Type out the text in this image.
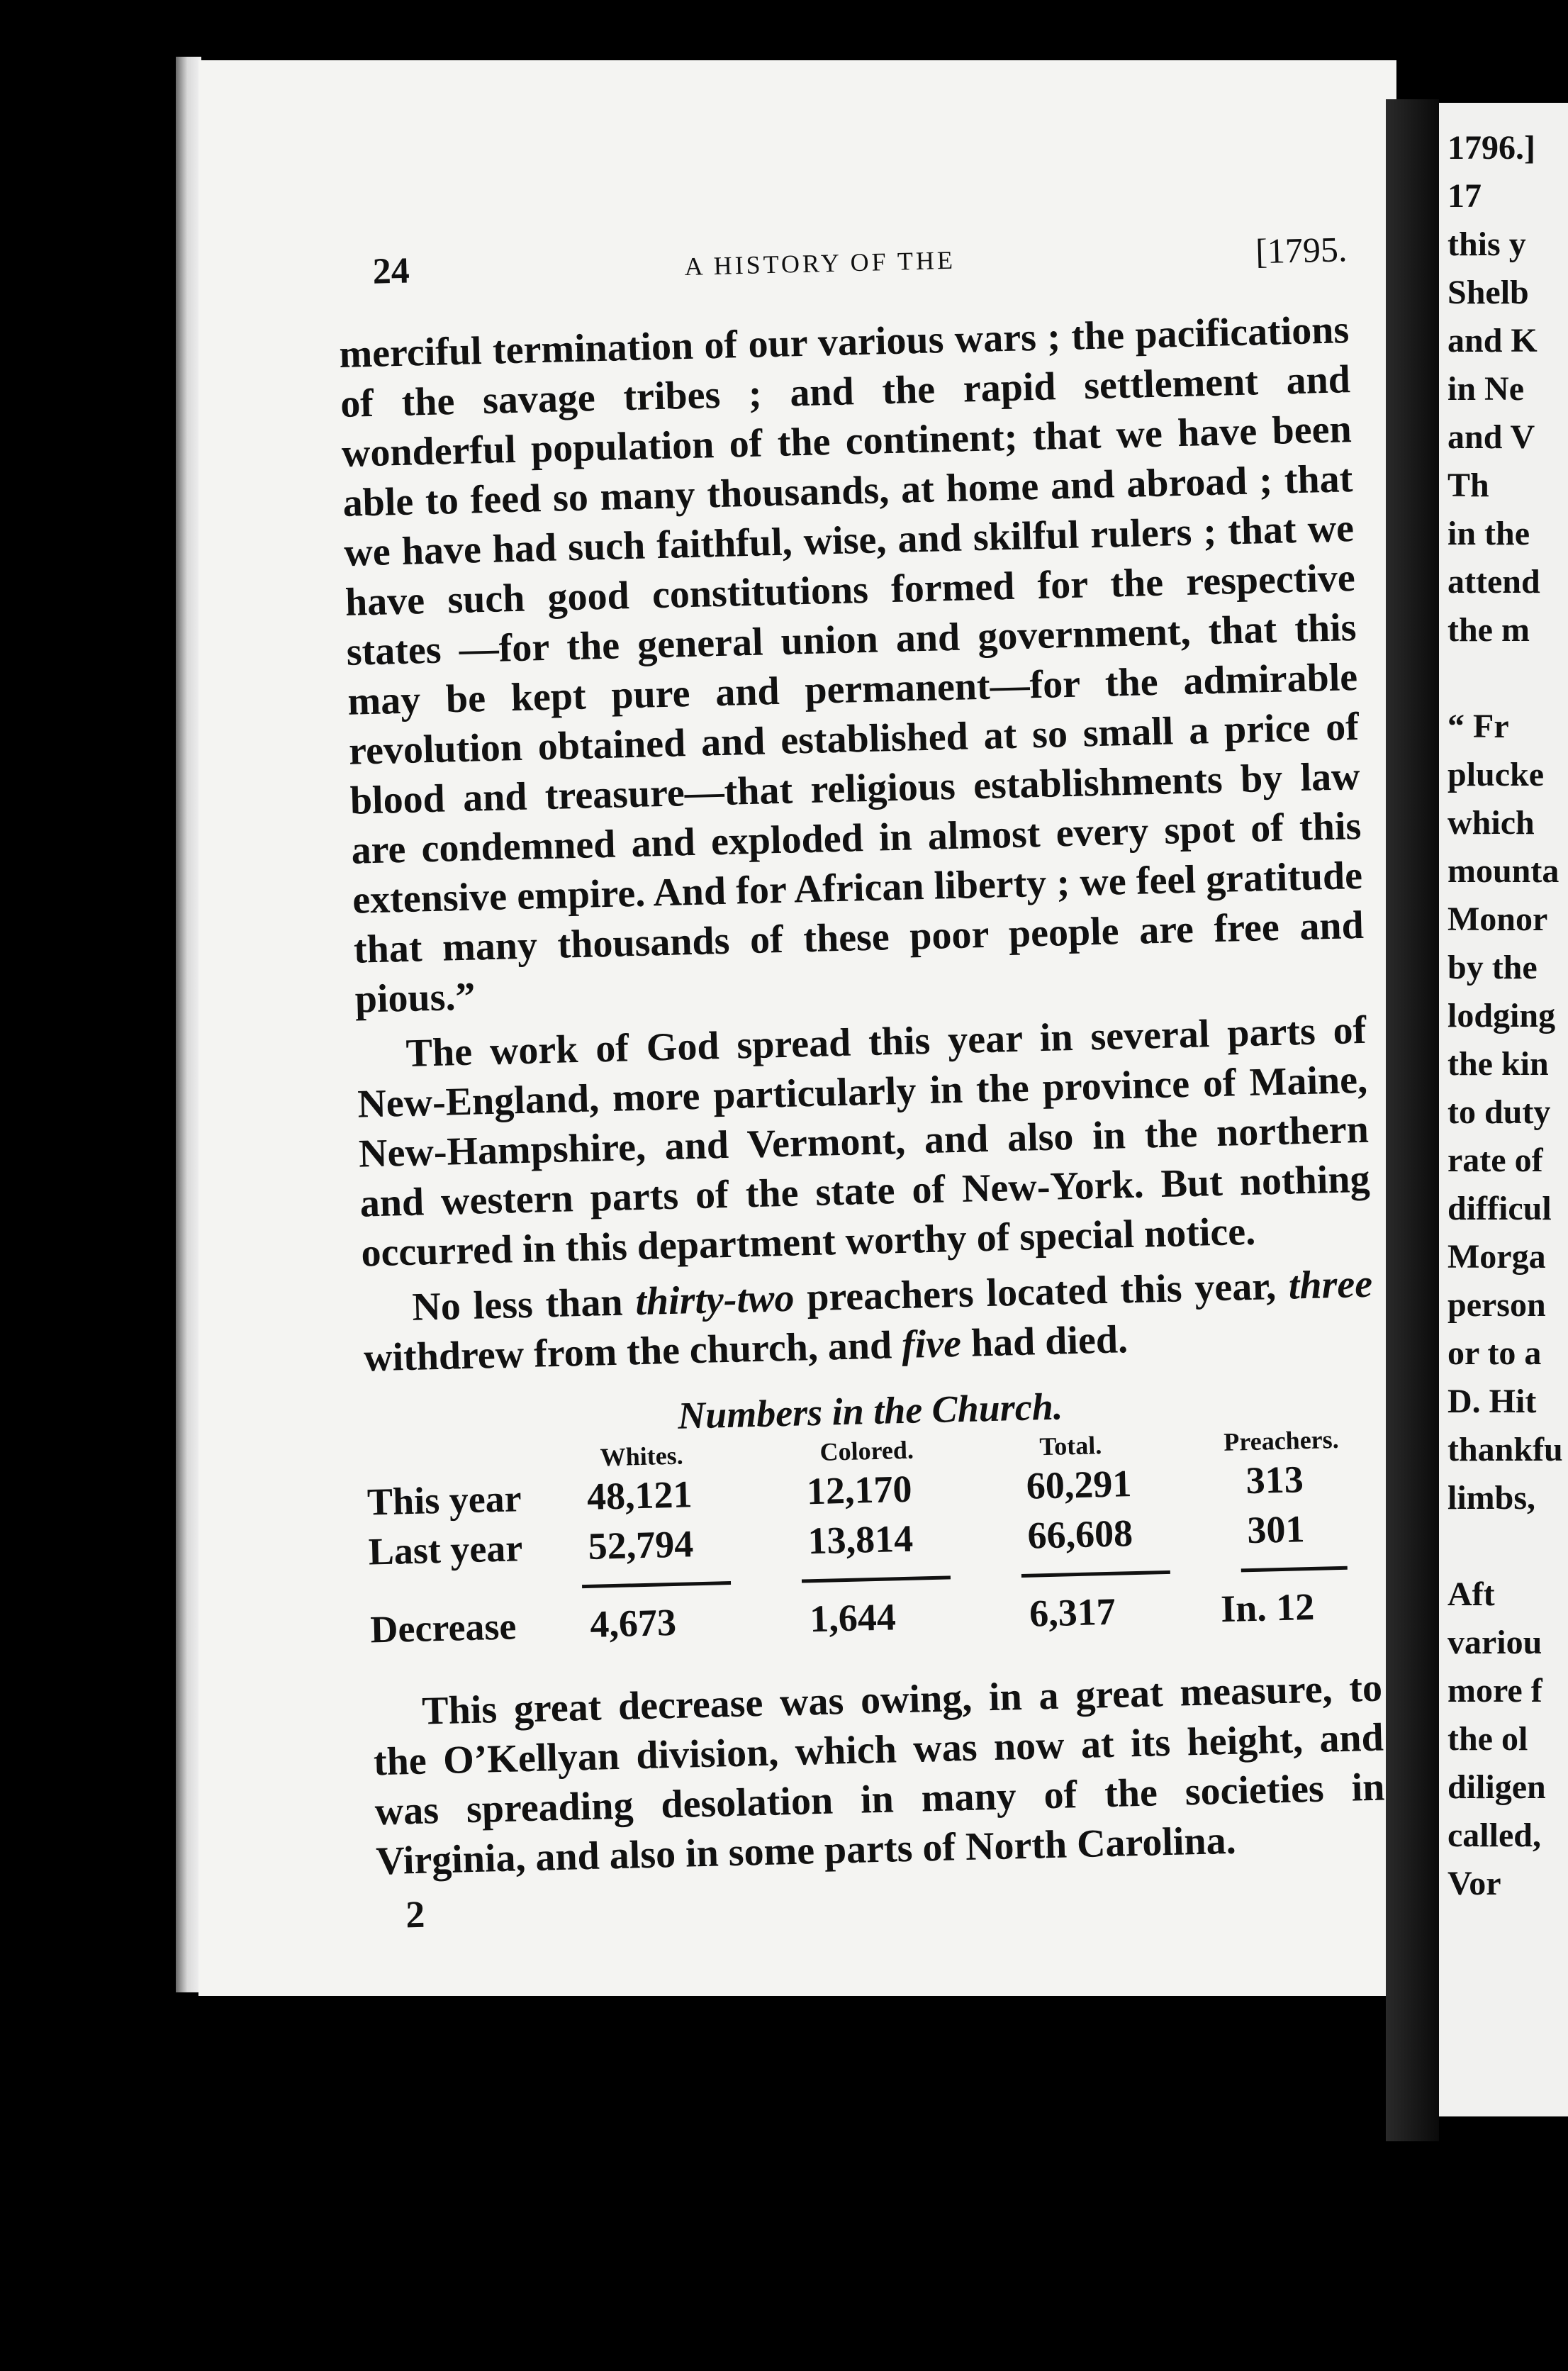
1796.]
17
this y
Shelb
and K
in Ne
and V
Th
in the
attend
the m
“ Fr
plucke
which
mounta
Monor
by the
lodging
the kin
to duty
rate of
difficul
Morga
person
or to a
D. Hit
thankfu
limbs,
Aft
variou
more f
the ol
diligen
called,
Vor
24	A HISTORY OF THE	[1795.

merciful termination of our various wars ; the pacifications of the savage tribes ; and the rapid settlement and wonderful population of the continent; that we have been able to feed so many thousands, at home and abroad ; that we have had such faithful, wise, and skilful rulers ; that we have such good constitutions formed for the respective states —for the general union and government, that this may be kept pure and permanent—for the admirable revolution obtained and established at so small a price of blood and treasure—that religious establishments by law are condemned and exploded in almost every spot of this extensive empire. And for African liberty ; we feel gratitude that many thousands of these poor people are free and pious.”

The work of God spread this year in several parts of New-England, more particularly in the province of Maine, New-Hampshire, and Vermont, and also in the northern and western parts of the state of New-York. But nothing occurred in this department worthy of special notice.

No less than thirty-two preachers located this year, three withdrew from the church, and five had died.

Numbers in the Church.
Whites.	Colored.	Total.	Preachers.
This year 48,121	12,170	60,291	313
Last year 52,794	13,814	66,608	301
Decrease 4,673	1,644	6,317	In. 12

This great decrease was owing, in a great measure, to the O’Kellyan division, which was now at its height, and was spreading desolation in many of the societies in Virginia, and also in some parts of North Carolina.

2
